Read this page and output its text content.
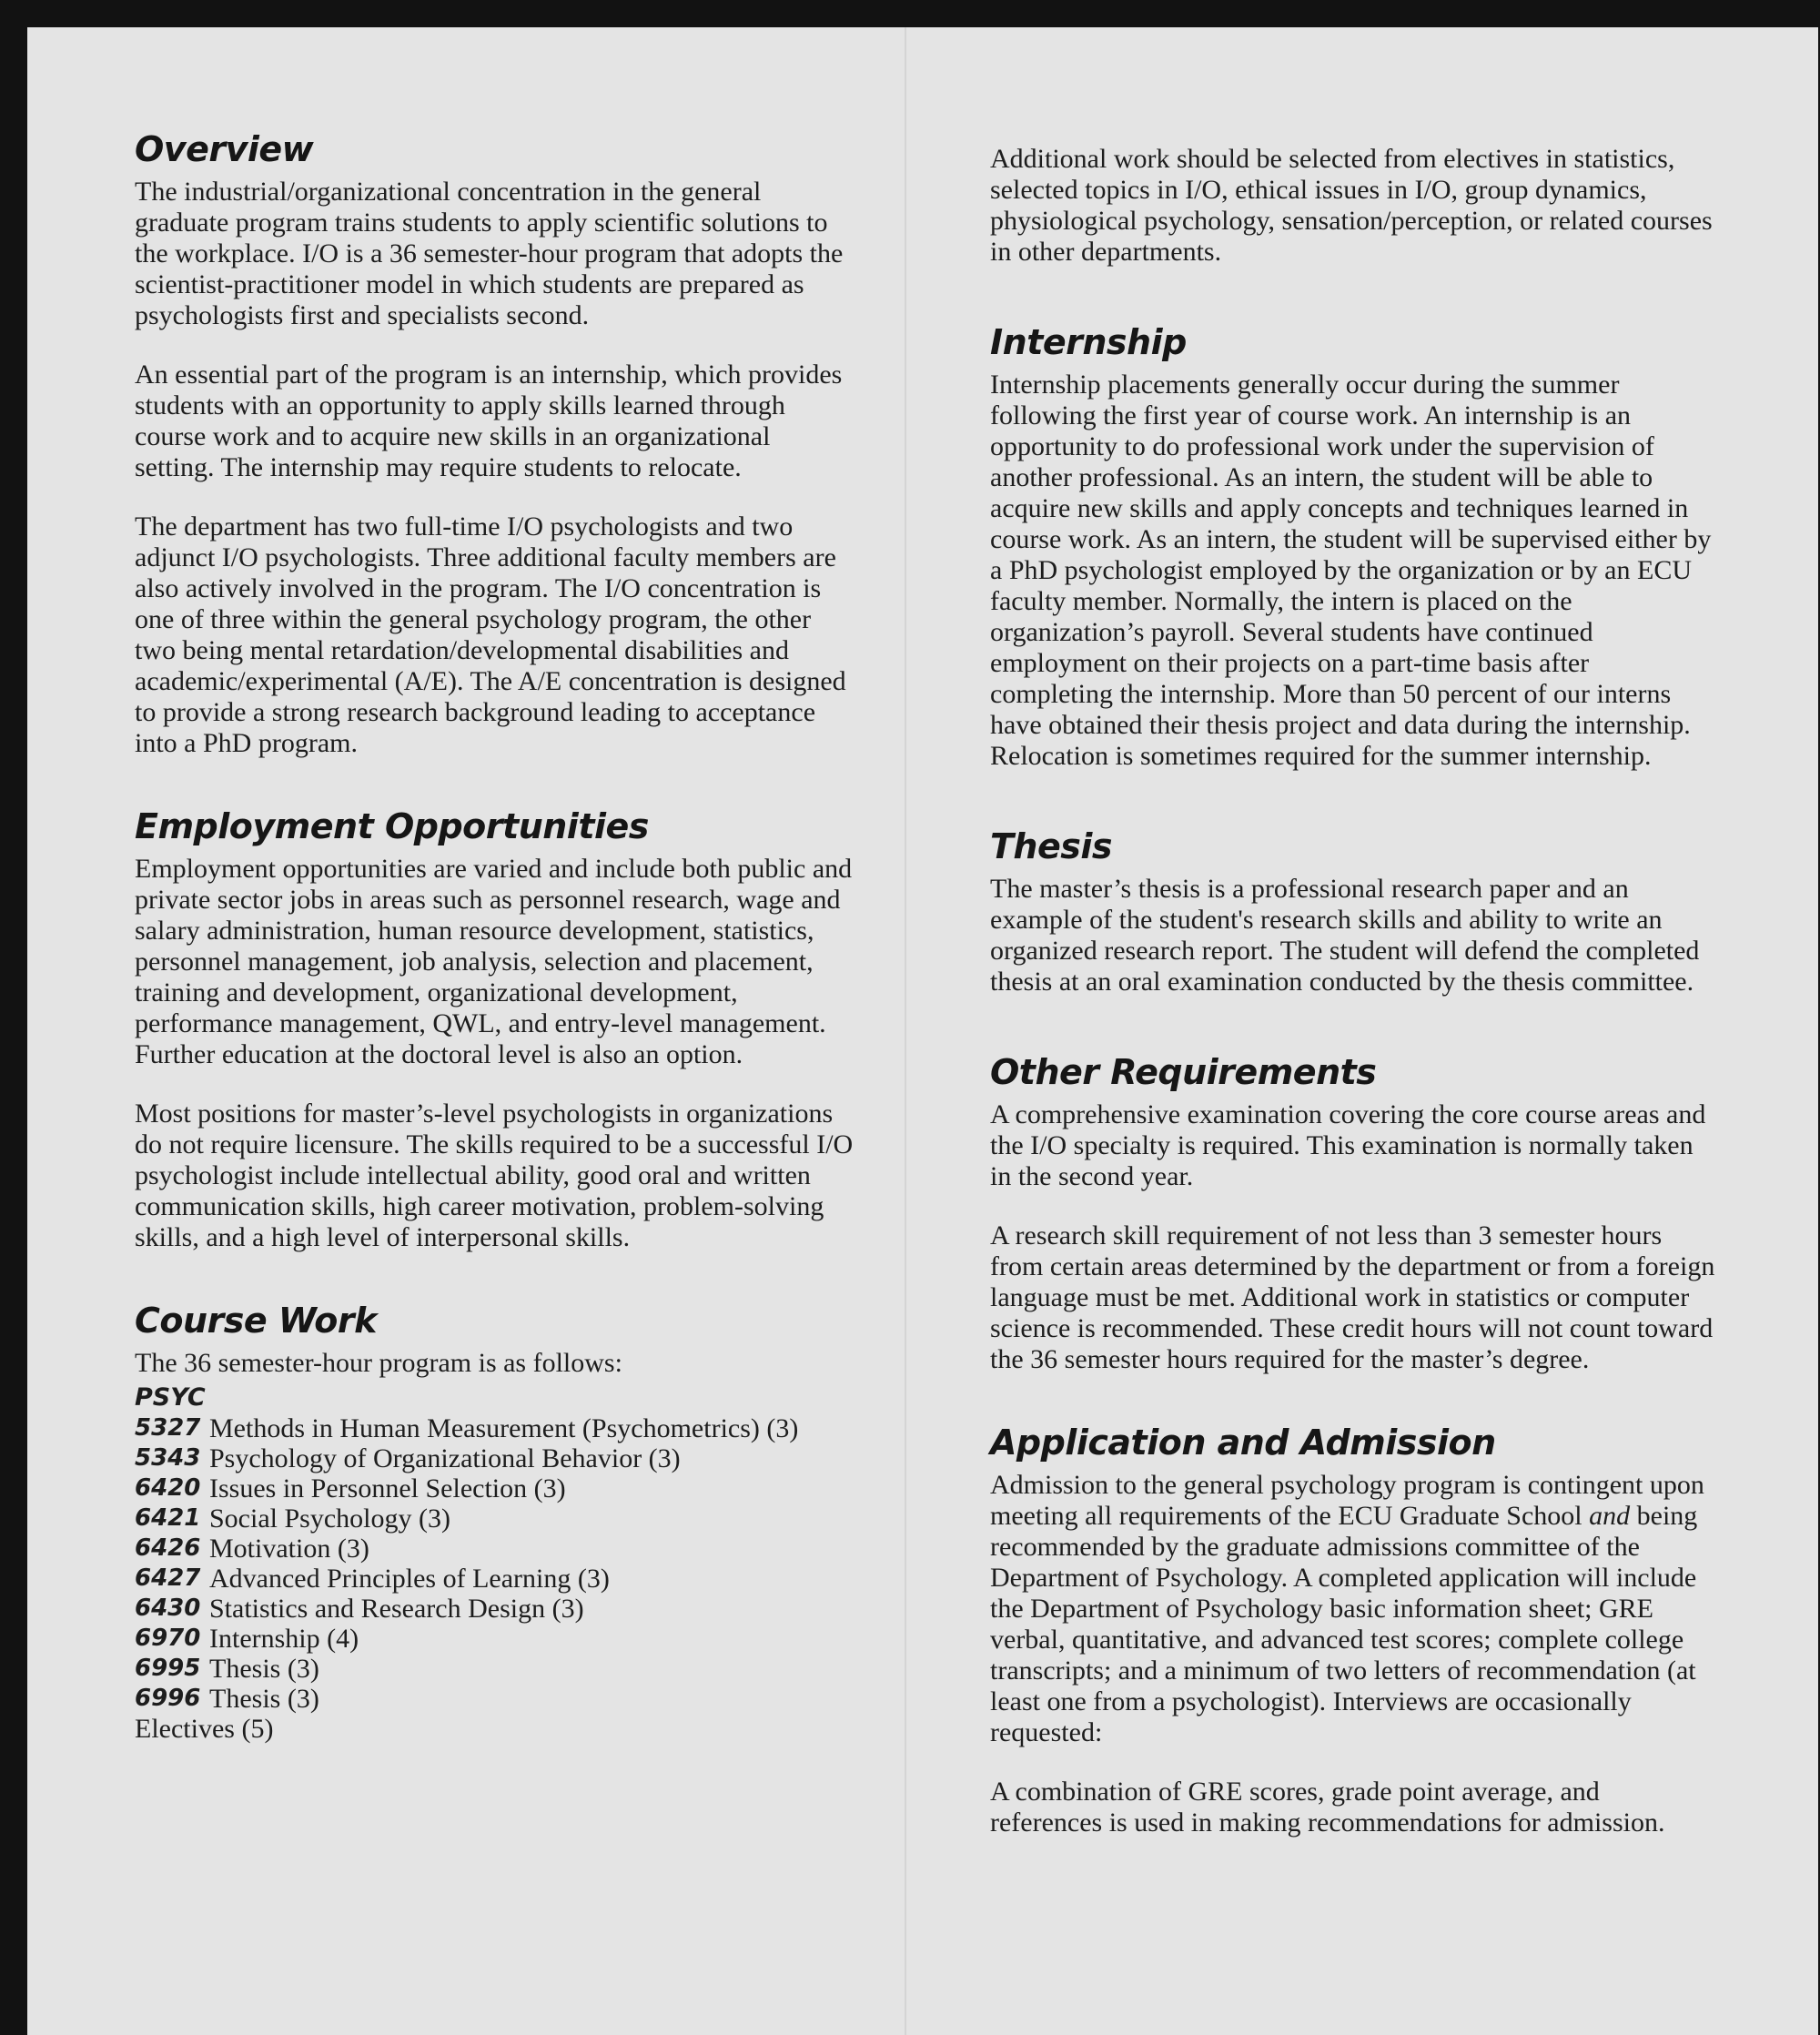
Overview

The industrial/organizational concentration in the general graduate program trains students to apply scientific solutions to the workplace. I/O is a 36 semester-hour program that adopts the scientist-practitioner model in which students are prepared as psychologists first and specialists second.

An essential part of the program is an internship, which provides students with an opportunity to apply skills learned through course work and to acquire new skills in an organizational setting. The internship may require students to relocate.

The department has two full-time I/O psychologists and two adjunct I/O psychologists. Three additional faculty members are also actively involved in the program. The I/O concentration is one of three within the general psychology program, the other two being mental retardation/developmental disabilities and academic/experimental (A/E). The A/E concentration is designed to provide a strong research background leading to acceptance into a PhD program.

Employment Opportunities

Employment opportunities are varied and include both public and private sector jobs in areas such as personnel research, wage and salary administration, human resource development, statistics, personnel management, job analysis, selection and placement, training and development, organizational development, performance management, QWL, and entry-level management. Further education at the doctoral level is also an option.

Most positions for master’s-level psychologists in organizations do not require licensure. The skills required to be a successful I/O psychologist include intellectual ability, good oral and written communication skills, high career motivation, problem-solving skills, and a high level of interpersonal skills.

Course Work

The 36 semester-hour program is as follows:

PSYC
5327 Methods in Human Measurement (Psychometrics) (3)
5343 Psychology of Organizational Behavior (3)
6420 Issues in Personnel Selection (3)
6421 Social Psychology (3)
6426 Motivation (3)
6427 Advanced Principles of Learning (3)
6430 Statistics and Research Design (3)
6970 Internship (4)
6995 Thesis (3)
6996 Thesis (3)
Electives (5)

Additional work should be selected from electives in statistics, selected topics in I/O, ethical issues in I/O, group dynamics, physiological psychology, sensation/perception, or related courses in other departments.

Internship

Internship placements generally occur during the summer following the first year of course work. An internship is an opportunity to do professional work under the supervision of another professional. As an intern, the student will be able to acquire new skills and apply concepts and techniques learned in course work. As an intern, the student will be supervised either by a PhD psychologist employed by the organization or by an ECU faculty member. Normally, the intern is placed on the organization’s payroll. Several students have continued employment on their projects on a part-time basis after completing the internship. More than 50 percent of our interns have obtained their thesis project and data during the internship. Relocation is sometimes required for the summer internship.

Thesis

The master’s thesis is a professional research paper and an example of the student's research skills and ability to write an organized research report. The student will defend the completed thesis at an oral examination conducted by the thesis committee.

Other Requirements

A comprehensive examination covering the core course areas and the I/O specialty is required. This examination is normally taken in the second year.

A research skill requirement of not less than 3 semester hours from certain areas determined by the department or from a foreign language must be met. Additional work in statistics or computer science is recommended. These credit hours will not count toward the 36 semester hours required for the master’s degree.

Application and Admission

Admission to the general psychology program is contingent upon meeting all requirements of the ECU Graduate School and being recommended by the graduate admissions committee of the Department of Psychology. A completed application will include the Department of Psychology basic information sheet; GRE verbal, quantitative, and advanced test scores; complete college transcripts; and a minimum of two letters of recommendation (at least one from a psychologist). Interviews are occasionally requested:

A combination of GRE scores, grade point average, and references is used in making recommendations for admission.
